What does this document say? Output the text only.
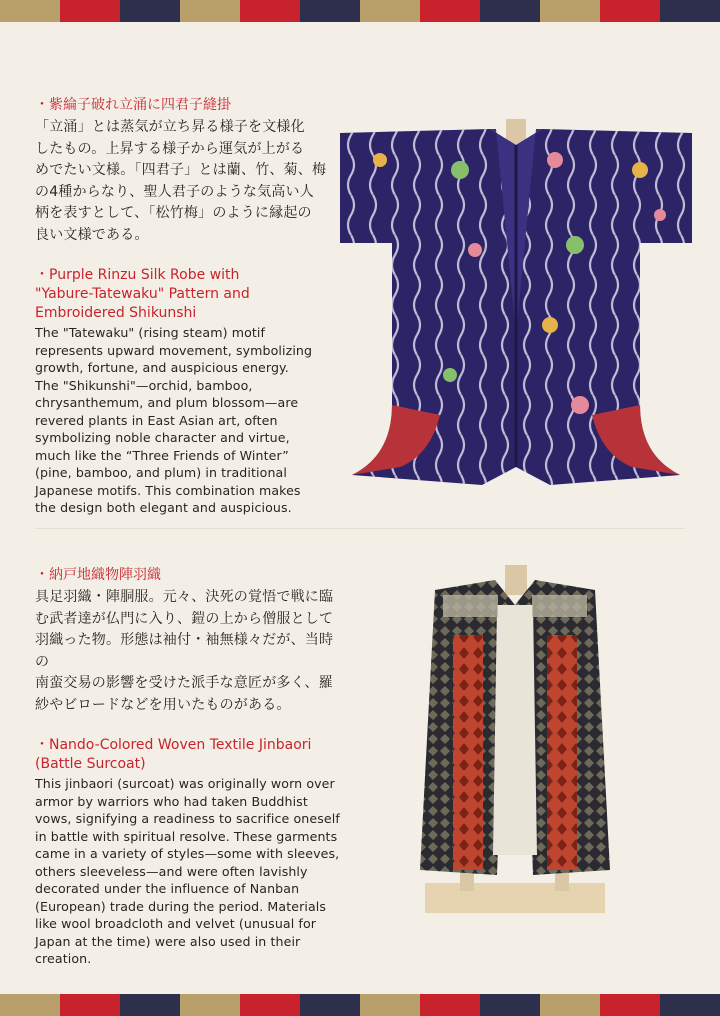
・紫綸子破れ立涌に四君子縫掛
「立涌」とは蒸気が立ち昇る様子を文様化
したもの。上昇する様子から運気が上がる
めでたい文様。「四君子」とは蘭、竹、菊、梅
の4種からなり、聖人君子のような気高い人
柄を表すとして、「松竹梅」のように縁起の
良い文様である。
・Purple Rinzu Silk Robe with
"Yabure-Tatewaku" Pattern and
Embroidered Shikunshi
The "Tatewaku" (rising steam) motif
represents upward movement, symbolizing
growth, fortune, and auspicious energy.
The "Shikunshi"—orchid, bamboo,
chrysanthemum, and plum blossom—are
revered plants in East Asian art, often
symbolizing noble character and virtue,
much like the “Three Friends of Winter”
(pine, bamboo, and plum) in traditional
Japanese motifs. This combination makes
the design both elegant and auspicious.
・納戸地織物陣羽織
具足羽織・陣胴服。元々、決死の覚悟で戦に臨
む武者達が仏門に入り、鎧の上から僧服として
羽織った物。形態は袖付・袖無様々だが、当時の
南蛮交易の影響を受けた派手な意匠が多く、羅
紗やビロードなどを用いたものがある。
・Nando-Colored Woven Textile Jinbaori
(Battle Surcoat)
This jinbaori (surcoat) was originally worn over
armor by warriors who had taken Buddhist
vows, signifying a readiness to sacrifice oneself
in battle with spiritual resolve. These garments
came in a variety of styles—some with sleeves,
others sleeveless—and were often lavishly
decorated under the influence of Nanban
(European) trade during the period. Materials
like wool broadcloth and velvet (unusual for
Japan at the time) were also used in their
creation.
